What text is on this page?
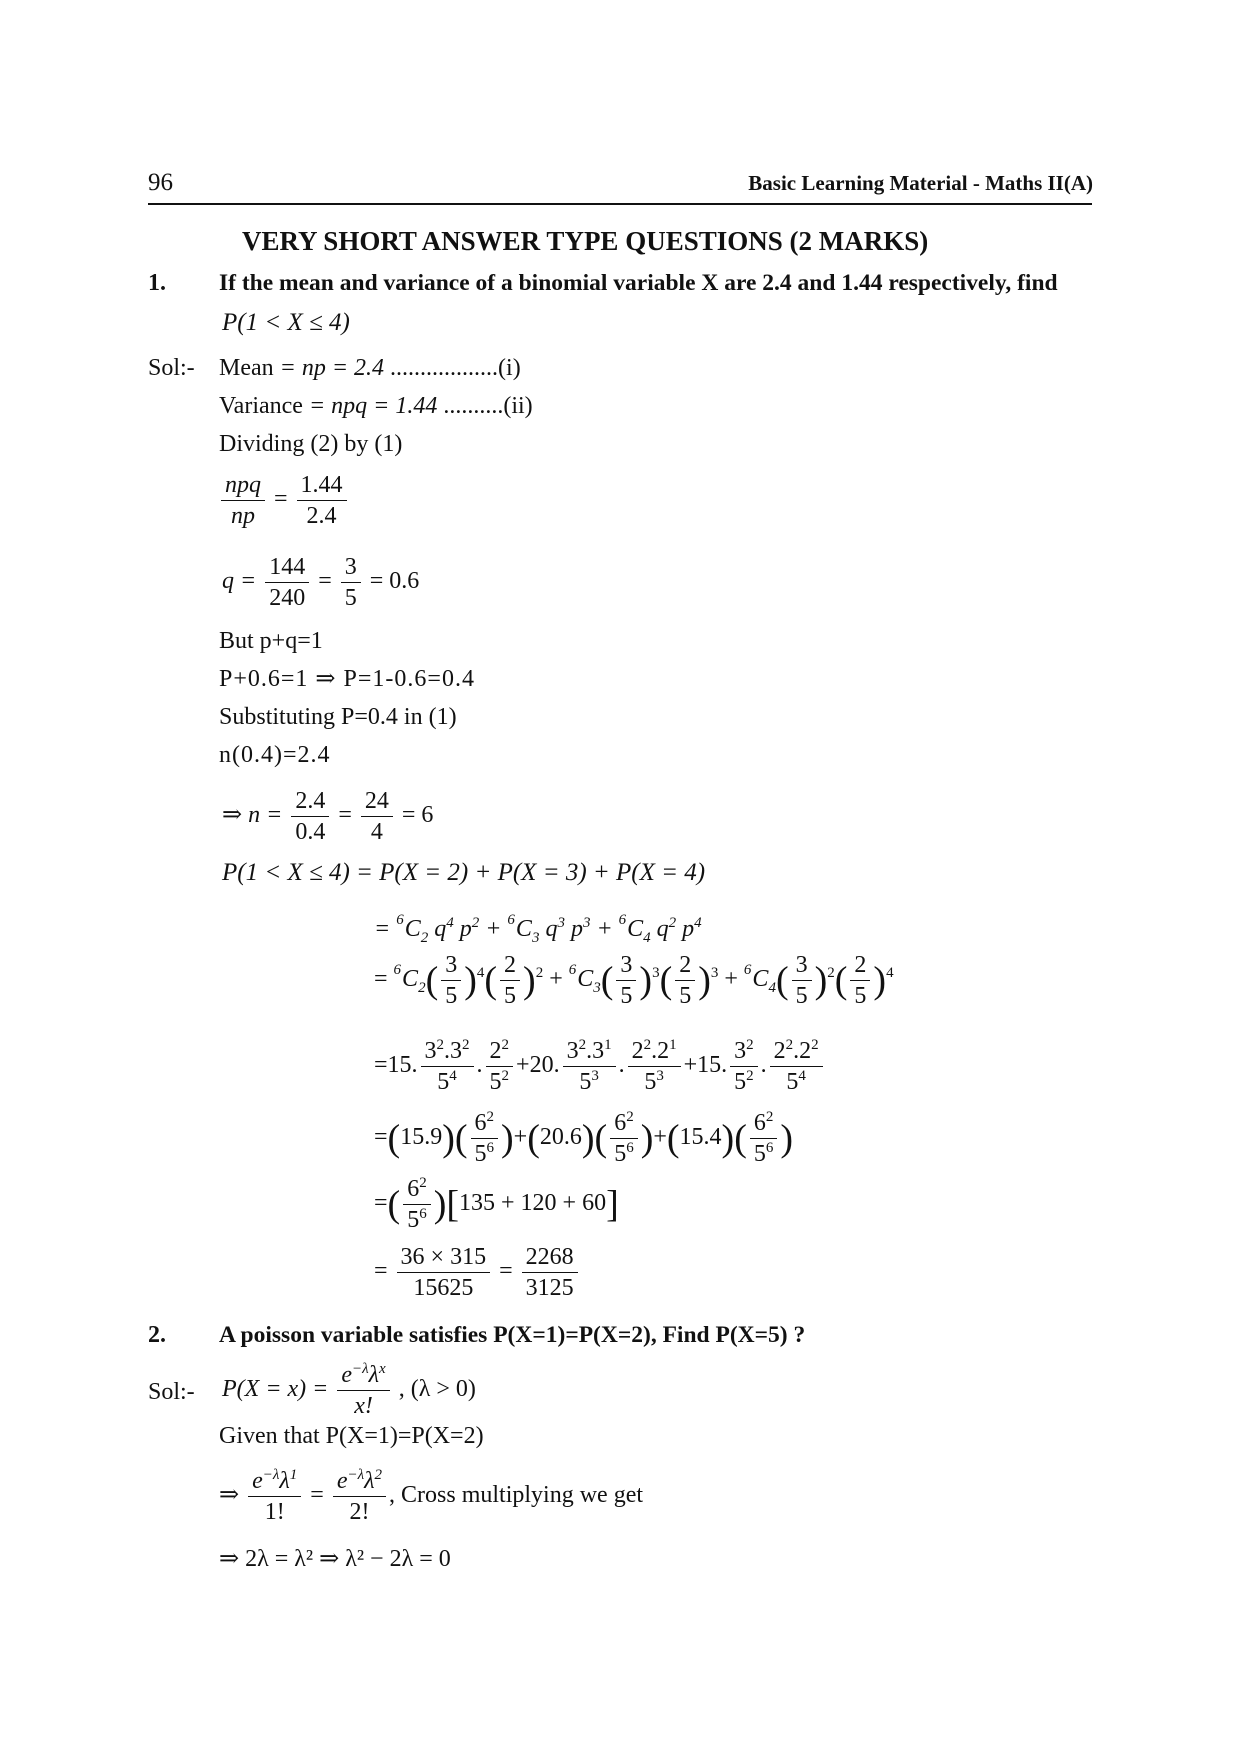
96	Basic Learning Material - Maths II(A)
VERY SHORT ANSWER TYPE QUESTIONS (2 MARKS)
1. If the mean and variance of a binomial variable X are 2.4 and 1.44 respectively, find
P(1 < X ≤ 4)
Sol:- Mean = np = 2.4 ..................(i)
Variance = npq = 1.44 ..........(ii)
Dividing (2) by (1)
$\frac{\text{npq}}{np} = \frac{1.44}{2.4}$
$q = \frac{144}{240} = \frac{3}{5} = 0.6$
But p+q=1
P+0.6=1 ⇒ P=1-0.6=0.4
Substituting P=0.4 in (1)
n(0.4)=2.4
⇒ $n = \frac{2.4}{0.4} = \frac{24}{4} = 6$
P(1 < X ≤ 4) = P(X = 2) + P(X = 3) + P(X = 4)
= $^6C_2$ $q^4$ $p^2 + ^6C_3$ $q^3$ $p^3 + ^6C_4$ $q^2$ $p^4$
= $^6C_2( \frac{3}{5} )^4( \frac{2}{5} )^2 + ^6C_3( \frac{3}{5} )^3( \frac{2}{5} )^3 + ^6C_4( \frac{3}{5} )^2( \frac{2}{5} )^4$
=15. $\frac{3^2.3^2}{5^4}$ . $\frac{2^2}{5^2} +20$. $\frac{3^2.3^1}{5^3}$ . $\frac{2^2.2^1}{5^3} +15$. $\frac{3^2}{5^2}$ . $\frac{2^2.2^2}{5^4}$
$=(15.9)( \frac{6^2}{5^6} )+(20.6)( \frac{6^2}{5^6} )+(15.4)( \frac{6^2}{5^6}$ )
=( $\frac{6^2}{5^6} )[135 + 120 + 60]$
= $\frac{36 \times 315}{15625} = \frac{2268}{3125}$
2. A poisson variable satisfies P(X=1)=P(X=2), Find P(X=5) ?
Sol:- $P(X = x) = \frac{e^{-\lambda}\lambda^x}{x!}$ , (λ > 0)
Given that P(X=1)=P(X=2)
⇒ $\frac{e^{-\lambda}\lambda^1}{1!} = \frac{e^{-\lambda}\lambda^2}{2!}$ , Cross multiplying we get
⇒ 2λ = λ² ⇒ λ² − 2λ = 0
